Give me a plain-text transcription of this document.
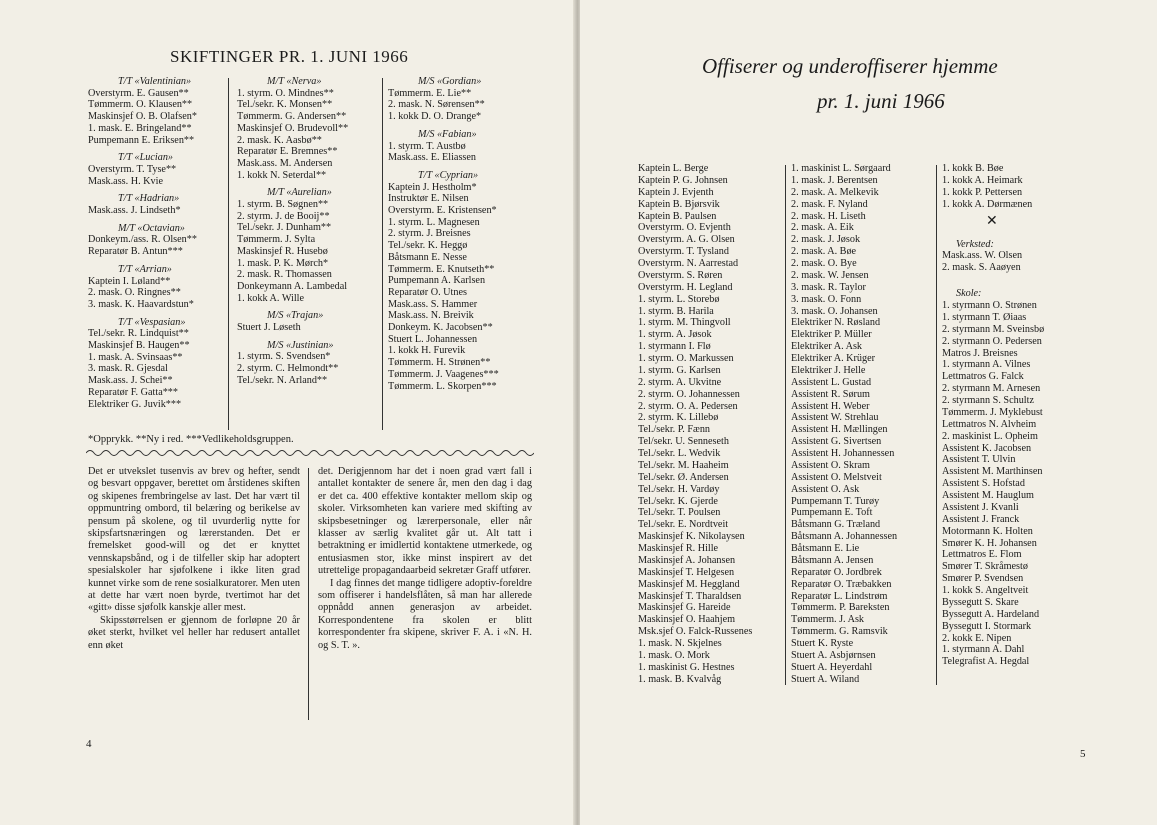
SKIFTINGER PR. 1. JUNI 1966
T/T «Valentinian»
Overstyrm. E. Gausen**
Tømmerm. O. Klausen**
Maskinsjef O. B. Olafsen*
1. mask. E. Bringeland**
Pumpemann E. Eriksen**
T/T «Lucian»
Overstyrm. T. Tyse**
Mask.ass. H. Kvie
T/T «Hadrian»
Mask.ass. J. Lindseth*
M/T «Octavian»
Donkeym./ass. R. Olsen**
Reparatør B. Antun***
T/T «Arrian»
Kaptein I. Løland**
2. mask. O. Ringnes**
3. mask. K. Haavardstun*
T/T «Vespasian»
Tel./sekr. R. Lindquist**
Maskinsjef B. Haugen**
1. mask. A. Svinsaas**
3. mask. R. Gjesdal
Mask.ass. J. Schei**
Reparatør F. Gatta***
Elektriker G. Juvik***
M/T «Nerva»
1. styrm. O. Mindnes**
Tel./sekr. K. Monsen**
Tømmerm. G. Andersen**
Maskinsjef O. Brudevoll**
2. mask. K. Aasbø**
Reparatør E. Bremnes**
Mask.ass. M. Andersen
1. kokk N. Seterdal**
M/T «Aurelian»
1. styrm. B. Søgnen**
2. styrm. J. de Booij**
Tel./sekr. J. Dunham**
Tømmerm. J. Sylta
Maskinsjef R. Husebø
1. mask. P. K. Mørch*
2. mask. R. Thomassen
Donkeymann A. Lambedal
1. kokk A. Wille
M/S «Trajan»
Stuert J. Løseth
M/S «Justinian»
1. styrm. S. Svendsen*
2. styrm. C. Helmondt**
Tel./sekr. N. Arland**
M/S «Gordian»
Tømmerm. E. Lie**
2. mask. N. Sørensen**
1. kokk D. O. Drange*
M/S «Fabian»
1. styrm. T. Austbø
Mask.ass. E. Eliassen
T/T «Cyprian»
Kaptein J. Hestholm*
Instruktør E. Nilsen
Overstyrm. E. Kristensen*
1. styrm. L. Magnesen
2. styrm. J. Breisnes
Tel./sekr. K. Heggø
Båtsmann E. Nesse
Tømmerm. E. Knutseth**
Pumpemann A. Karlsen
Reparatør O. Utnes
Mask.ass. S. Hammer
Mask.ass. N. Breivik
Donkeym. K. Jacobsen**
Stuert L. Johannessen
1. kokk H. Furevik
Tømmerm. H. Strønen**
Tømmerm. J. Vaagenes***
Tømmerm. L. Skorpen***
*Opprykk. **Ny i red. ***Vedlikeholdsgruppen.

Det er utvekslet tusenvis av brev og hefter, sendt og besvart oppgaver, berettet om årstidenes skiften og skipenes frembringelse av last. Det har vært til oppmuntring ombord, til belæring og berikelse av pensum på skolene, og til uvurderlig nytte for skipsfartsnæringen og lærerstanden. Det er fremelsket good-will og det er knyttet vennskapsbånd, og i de tilfeller skip har adoptert spesialskoler har sjøfolkene i ikke liten grad kunnet virke som de rene sosialkuratorer. Men uten at dette har vært noen byrde, tvertimot har det «gitt» disse sjøfolk kanskje aller mest.

Skipsstørrelsen er gjennom de forløpne 20 år øket sterkt, hvilket vel heller har redusert antallet enn øket

det. Derigjennom har det i noen grad vært fall i antallet kontakter de senere år, men den dag i dag er det ca. 400 effektive kontakter mellom skip og skoler. Virksomheten kan variere med skifting av skipsbesetninger og lærerpersonale, eller når klasser av særlig kvalitet går ut. Alt tatt i betraktning er imidlertid kontaktene utmerkede, og entusiasmen stor, ikke minst inspirert av det utrettelige propagandaarbeid sekretær Graff utfører.

I dag finnes det mange tidligere adoptiv-foreldre som offiserer i handelsflåten, så man har allerede oppnådd annen generasjon av arbeidet. Korrespondentene fra skolen er blitt korrespondenter fra skipene, skriver F. A. i «N. H. og S. T. ».

4
Offiserer og underoffiserer hjemme
pr. 1. juni 1966
Kaptein L. Berge
Kaptein P. G. Johnsen
Kaptein J. Evjenth
Kaptein B. Bjørsvik
Kaptein B. Paulsen
Overstyrm. O. Evjenth
Overstyrm. A. G. Olsen
Overstyrm. T. Tysland
Overstyrm. N. Aarrestad
Overstyrm. S. Røren
Overstyrm. H. Legland
1. styrm. L. Storebø
1. styrm. B. Harila
1. styrm. M. Thingvoll
1. styrm. A. Jøsok
1. styrmann I. Flø
1. styrm. O. Markussen
1. styrm. G. Karlsen
2. styrm. A. Ukvitne
2. styrm. O. Johannessen
2. styrm. O. A. Pedersen
2. styrm. K. Lillebø
Tel./sekr. P. Fænn
Tel/sekr. U. Senneseth
Tel./sekr. L. Wedvik
Tel./sekr. M. Haaheim
Tel./sekr. Ø. Andersen
Tel./sekr. H. Vardøy
Tel./sekr. K. Gjerde
Tel./sekr. T. Poulsen
Tel./sekr. E. Nordtveit
Maskinsjef K. Nikolaysen
Maskinsjef R. Hille
Maskinsjef A. Johansen
Maskinsjef T. Helgesen
Maskinsjef M. Heggland
Maskinsjef T. Tharaldsen
Maskinsjef G. Hareide
Maskinsjef O. Haahjem
Msk.sjef O. Falck-Russenes
1. mask. N. Skjelnes
1. mask. O. Mork
1. maskinist G. Hestnes
1. mask. B. Kvalvåg
1. maskinist L. Sørgaard
1. mask. J. Berentsen
2. mask. A. Melkevik
2. mask. F. Nyland
2. mask. H. Liseth
2. mask. A. Eik
2. mask. J. Jøsok
2. mask. A. Bøe
2. mask. O. Bye
2. mask. W. Jensen
3. mask. R. Taylor
3. mask. O. Fonn
3. mask. O. Johansen
Elektriker N. Røsland
Elektriker P. Müller
Elektriker A. Ask
Elektriker A. Krüger
Elektriker J. Helle
Assistent L. Gustad
Assistent R. Sørum
Assistent H. Weber
Assistent W. Strehlau
Assistent H. Mællingen
Assistent G. Sivertsen
Assistent H. Johannessen
Assistent O. Skram
Assistent O. Melstveit
Assistent O. Ask
Pumpemann T. Turøy
Pumpemann E. Toft
Båtsmann G. Træland
Båtsmann A. Johannessen
Båtsmann E. Lie
Båtsmann A. Jensen
Reparatør O. Jordbrek
Reparatør O. Træbakken
Reparatør L. Lindstrøm
Tømmerm. P. Bareksten
Tømmerm. J. Ask
Tømmerm. G. Ramsvik
Stuert K. Ryste
Stuert A. Asbjørnsen
Stuert A. Heyerdahl
Stuert A. Wiland
1. kokk B. Bøe
1. kokk A. Heimark
1. kokk P. Pettersen
1. kokk A. Dørmænen
✕
Verksted:
Mask.ass. W. Olsen
2. mask. S. Aaøyen
Skole:
1. styrmann O. Strønen
1. styrmann T. Øiaas
2. styrmann M. Sveinsbø
2. styrmann O. Pedersen
Matros J. Breisnes
1. styrmann A. Vilnes
Lettmatros G. Falck
2. styrmann M. Arnesen
2. styrmann S. Schultz
Tømmerm. J. Myklebust
Lettmatros N. Alvheim
2. maskinist L. Opheim
Assistent K. Jacobsen
Assistent T. Ulvin
Assistent M. Marthinsen
Assistent S. Hofstad
Assistent M. Hauglum
Assistent J. Kvanli
Assistent J. Franck
Motormann K. Holten
Smører K. H. Johansen
Lettmatros E. Flom
Smører T. Skråmestø
Smører P. Svendsen
1. kokk S. Angeltveit
Byssegutt S. Skare
Byssegutt A. Hardeland
Byssegutt I. Stormark
2. kokk E. Nipen
1. styrmann A. Dahl
Telegrafist A. Hegdal
5
